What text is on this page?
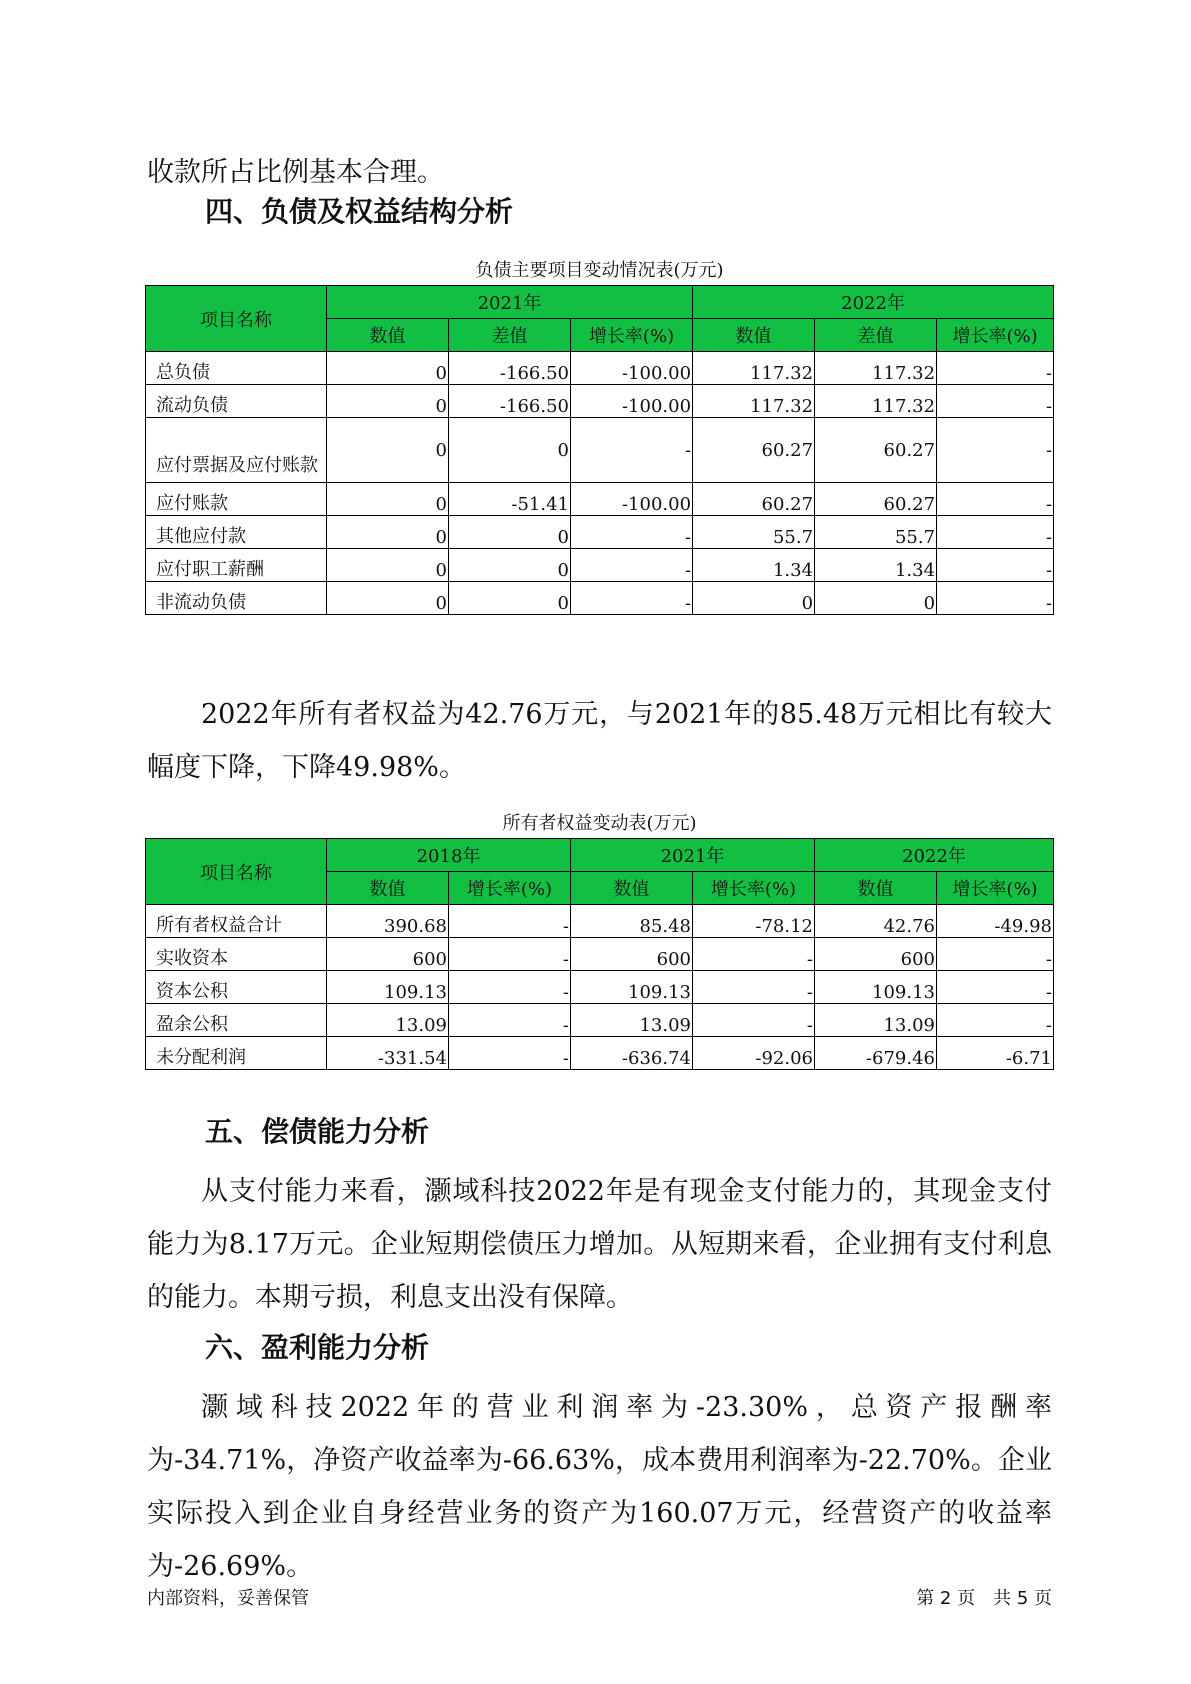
收款所占比例基本合理。

四、负债及权益结构分析
负债主要项目变动情况表(万元)
项目名称	2021年			2022年		
	数值	差值	增长率(%)	数值	差值	增长率(%)
总负债	0	-166.50	-100.00	117.32	117.32	-
流动负债	0	-166.50	-100.00	117.32	117.32	-
应付票据及应付账款	0	0	-	60.27	60.27	-
应付账款	0	-51.41	-100.00	60.27	60.27	-
其他应付款	0	0	-	55.7	55.7	-
应付职工薪酬	0	0	-	1.34	1.34	-
非流动负债	0	0	-	0	0	-

2022年所有者权益为42.76万元，与2021年的85.48万元相比有较大幅度下降，下降49.98%。

所有者权益变动表(万元)
项目名称	2018年		2021年		2022年	
	数值	增长率(%)	数值	增长率(%)	数值	增长率(%)
所有者权益合计	390.68	-	85.48	-78.12	42.76	-49.98
实收资本	600	-	600	-	600	-
资本公积	109.13	-	109.13	-	109.13	-
盈余公积	13.09	-	13.09	-	13.09	-
未分配利润	-331.54	-	-636.74	-92.06	-679.46	-6.71
五、偿债能力分析

从支付能力来看，灏域科技2022年是有现金支付能力的，其现金支付能力为8.17万元。企业短期偿债压力增加。从短期来看，企业拥有支付利息的能力。本期亏损，利息支出没有保障。

六、盈利能力分析

灏域科技2022年的营业利润率为-23.30%，总资产报酬率为-34.71%，净资产收益率为-66.63%，成本费用利润率为-22.70%。企业实际投入到企业自身经营业务的资产为160.07万元，经营资产的收益率为-26.69%。

内部资料，妥善保管	第 2 页　共 5 页
